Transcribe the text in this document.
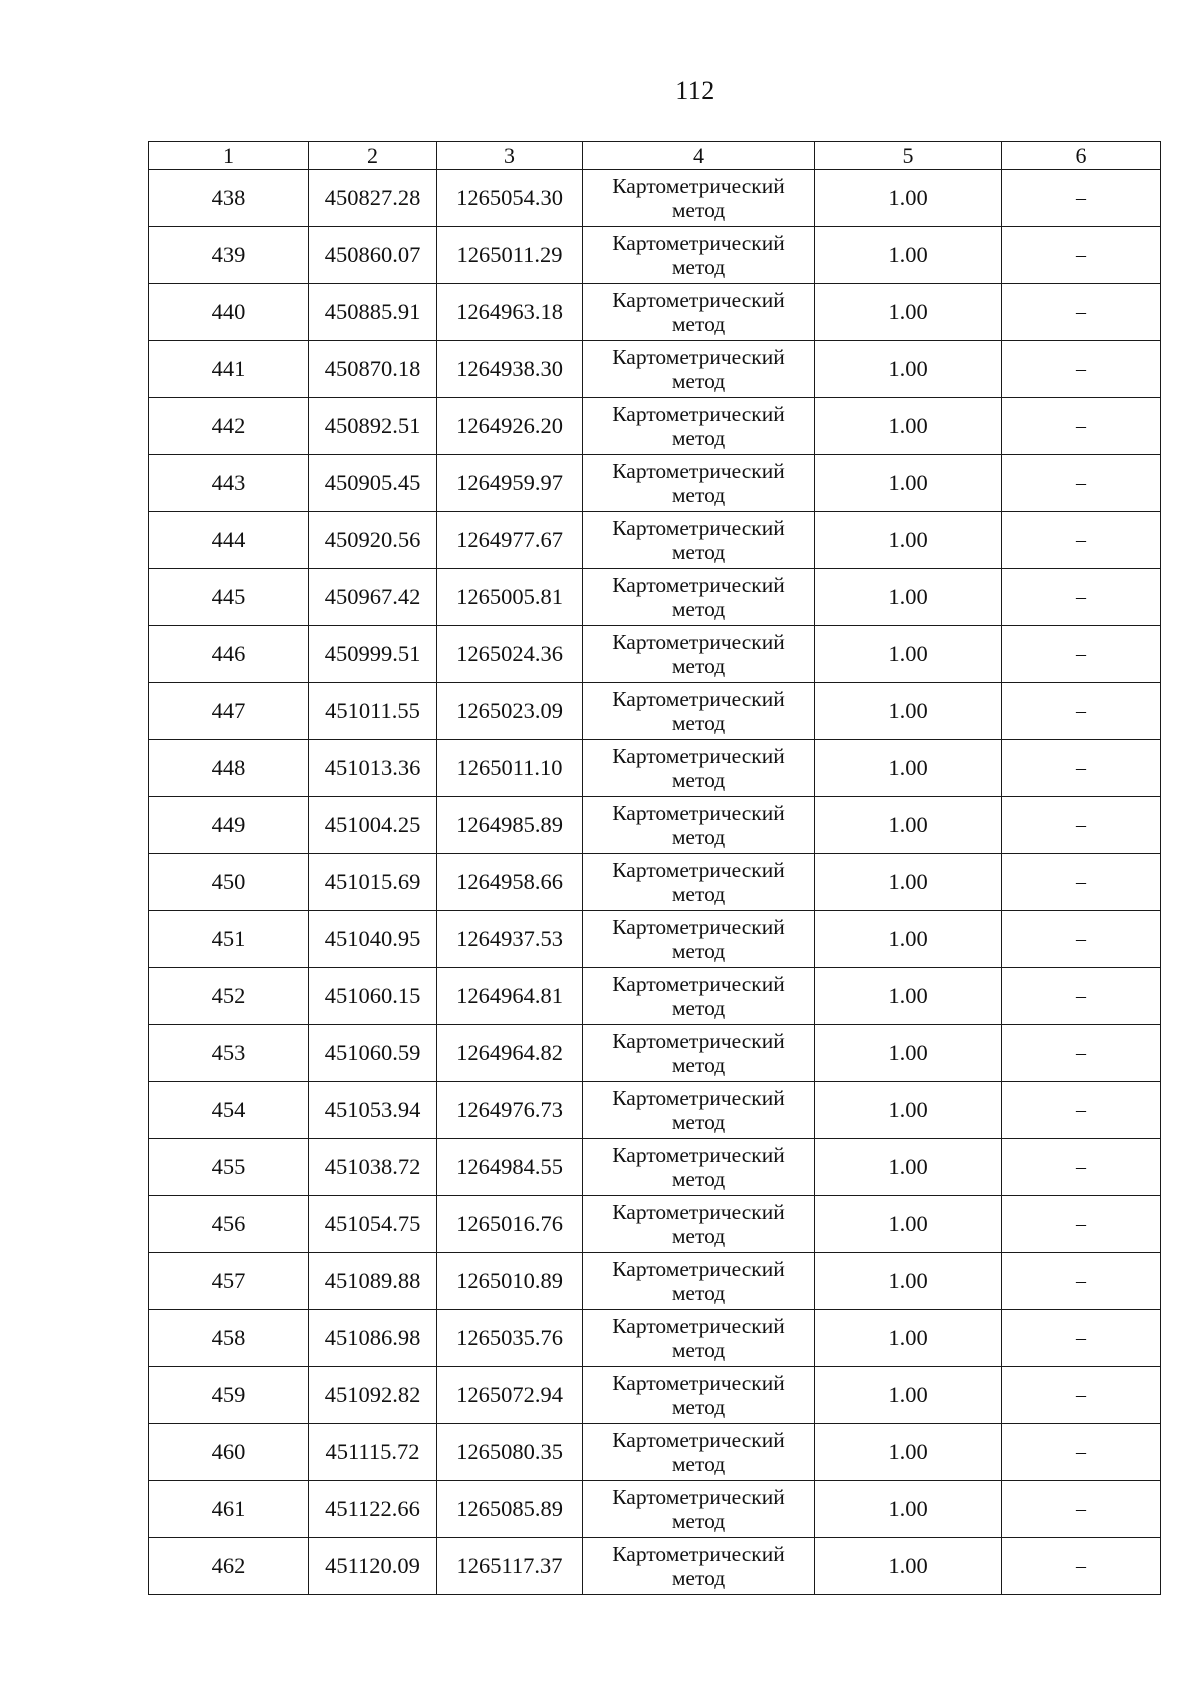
112
1	2	3	4	5	6
438	450827.28	1265054.30	Картометрический метод	1.00	–
439	450860.07	1265011.29	Картометрический метод	1.00	–
440	450885.91	1264963.18	Картометрический метод	1.00	–
441	450870.18	1264938.30	Картометрический метод	1.00	–
442	450892.51	1264926.20	Картометрический метод	1.00	–
443	450905.45	1264959.97	Картометрический метод	1.00	–
444	450920.56	1264977.67	Картометрический метод	1.00	–
445	450967.42	1265005.81	Картометрический метод	1.00	–
446	450999.51	1265024.36	Картометрический метод	1.00	–
447	451011.55	1265023.09	Картометрический метод	1.00	–
448	451013.36	1265011.10	Картометрический метод	1.00	–
449	451004.25	1264985.89	Картометрический метод	1.00	–
450	451015.69	1264958.66	Картометрический метод	1.00	–
451	451040.95	1264937.53	Картометрический метод	1.00	–
452	451060.15	1264964.81	Картометрический метод	1.00	–
453	451060.59	1264964.82	Картометрический метод	1.00	–
454	451053.94	1264976.73	Картометрический метод	1.00	–
455	451038.72	1264984.55	Картометрический метод	1.00	–
456	451054.75	1265016.76	Картометрический метод	1.00	–
457	451089.88	1265010.89	Картометрический метод	1.00	–
458	451086.98	1265035.76	Картометрический метод	1.00	–
459	451092.82	1265072.94	Картометрический метод	1.00	–
460	451115.72	1265080.35	Картометрический метод	1.00	–
461	451122.66	1265085.89	Картометрический метод	1.00	–
462	451120.09	1265117.37	Картометрический метод	1.00	–
